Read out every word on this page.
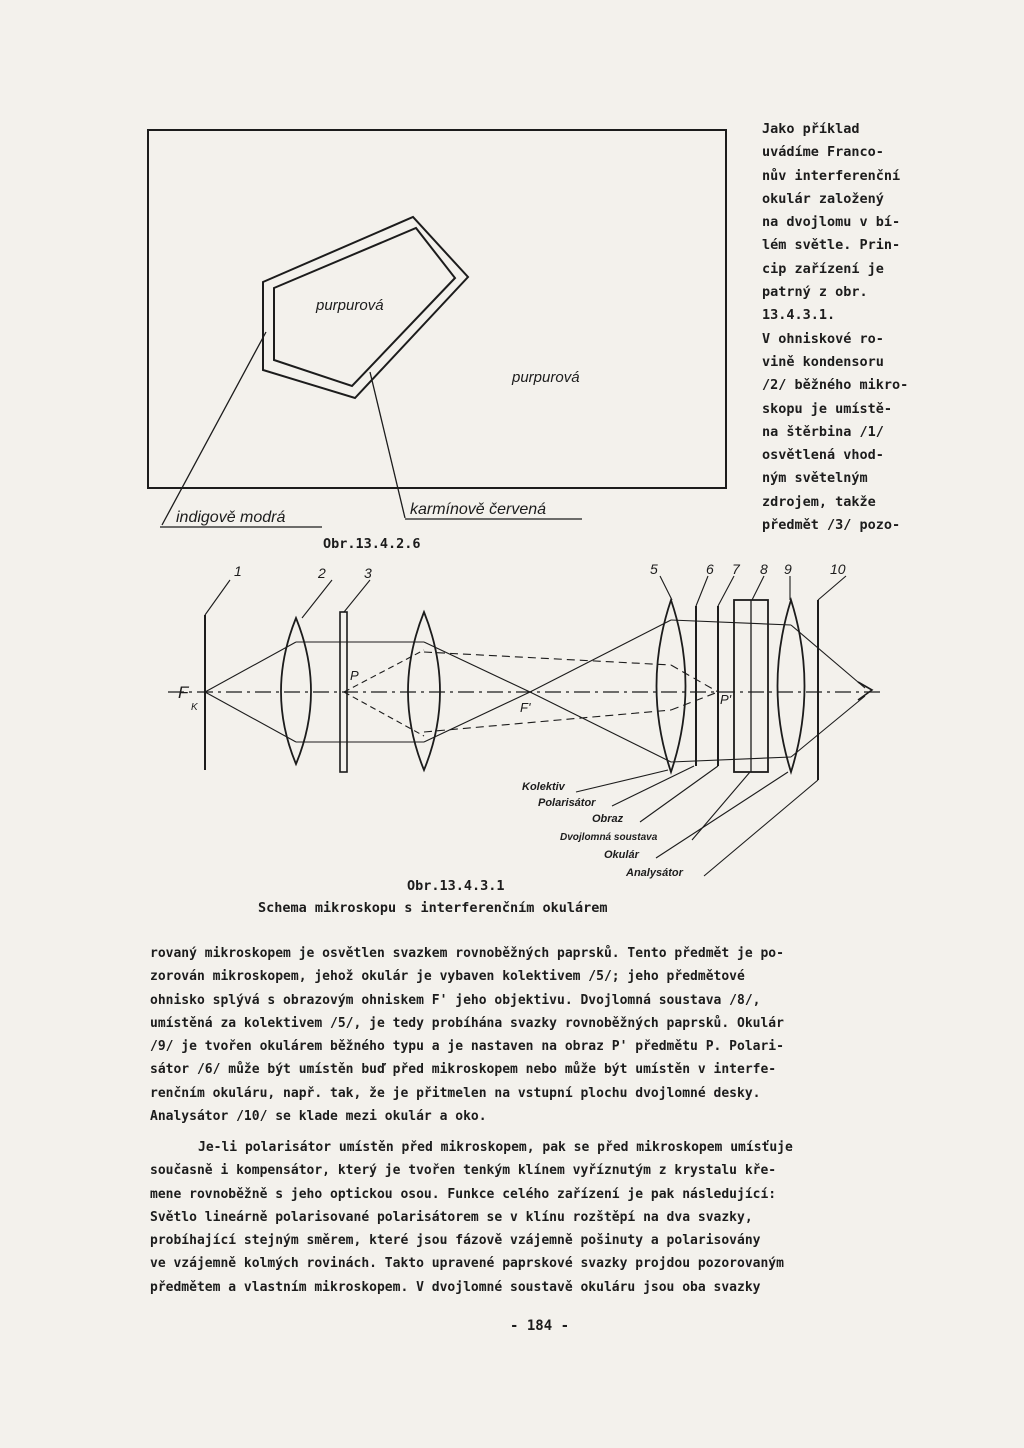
purpurová
purpurová
indigově modrá	karmínově červená
Obr.13.4.2.6
Jako příklad
uvádíme Franco-
nův interferenční
okulár založený
na dvojlomu v bí-
lém světle. Prin-
cip zařízení je
patrný z obr.
13.4.3.1.
V ohniskové ro-
vině kondensoru
/2/ běžného mikro-
skopu je umístě-
na štěrbina /1/
osvětlená vhod-
ným světelným
zdrojem, takže
předmět /3/ pozo-
1	2	3	5	6 7 8 9	10
F
K
P
F'
P'
Kolektiv
Polarisátor
Obraz
Dvojlomná soustava
Okulár
Analysátor
Obr.13.4.3.1
Schema mikroskopu s interferenčním okulárem
rovaný mikroskopem je osvětlen svazkem rovnoběžných paprsků. Tento předmět je po-
zorován mikroskopem, jehož okulár je vybaven kolektivem /5/; jeho předmětové
ohnisko splývá s obrazovým ohniskem F' jeho objektivu. Dvojlomná soustava /8/,
umístěná za kolektivem /5/, je tedy probíhána svazky rovnoběžných paprsků. Okulár
/9/ je tvořen okulárem běžného typu a je nastaven na obraz P' předmětu P. Polari-
sátor /6/ může být umístěn buď před mikroskopem nebo může být umístěn v interfe-
renčním okuláru, např. tak, že je přitmelen na vstupní plochu dvojlomné desky.
Analysátor /10/ se klade mezi okulár a oko.
Je-li polarisátor umístěn před mikroskopem, pak se před mikroskopem umísťuje
současně i kompensátor, který je tvořen tenkým klínem vyříznutým z krystalu kře-
mene rovnoběžně s jeho optickou osou. Funkce celého zařízení je pak následující:
Světlo lineárně polarisované polarisátorem se v klínu rozštěpí na dva svazky,
probíhající stejným směrem, které jsou fázově vzájemně pošinuty a polarisovány
ve vzájemně kolmých rovinách. Takto upravené paprskové svazky projdou pozorovaným
předmětem a vlastním mikroskopem. V dvojlomné soustavě okuláru jsou oba svazky
- 184 -
